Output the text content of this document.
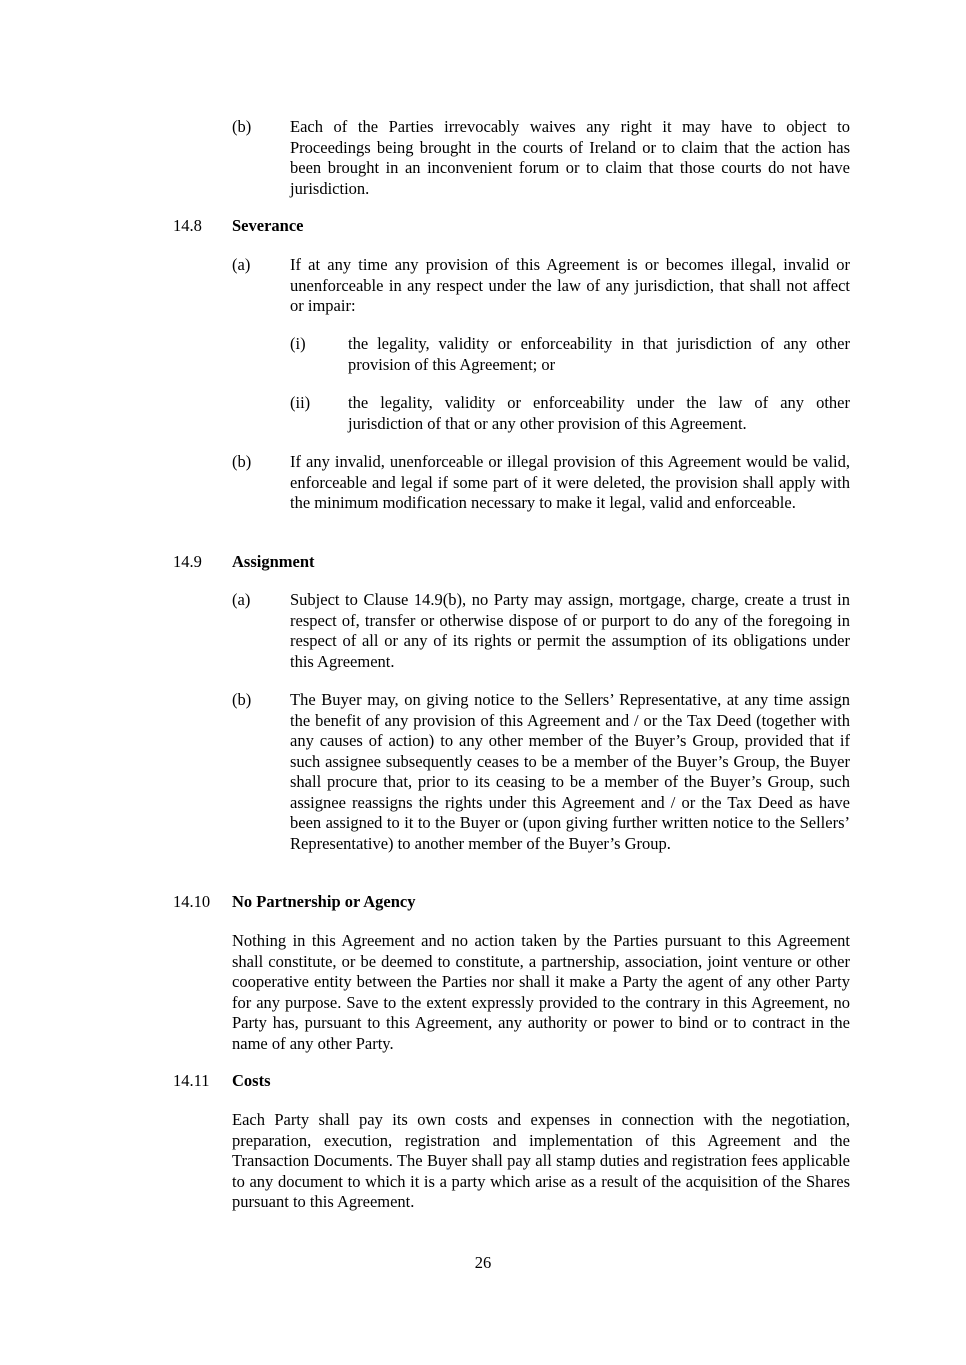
(b) Each of the Parties irrevocably waives any right it may have to object to Proceedings being brought in the courts of Ireland or to claim that the action has been brought in an inconvenient forum or to claim that those courts do not have jurisdiction.
14.8 Severance
(a) If at any time any provision of this Agreement is or becomes illegal, invalid or unenforceable in any respect under the law of any jurisdiction, that shall not affect or impair:
(i)	the legality, validity or enforceability in that jurisdiction of any other provision of this Agreement; or
(ii) the legality, validity or enforceability under the law of any other jurisdiction of that or any other provision of this Agreement.
(b) If any invalid, unenforceable or illegal provision of this Agreement would be valid, enforceable and legal if some part of it were deleted, the provision shall apply with the minimum modification necessary to make it legal, valid and enforceable.
14.9 Assignment
(a) Subject to Clause 14.9(b), no Party may assign, mortgage, charge, create a trust in respect of, transfer or otherwise dispose of or purport to do any of the foregoing in respect of all or any of its rights or permit the assumption of its obligations under this Agreement.
(b) The Buyer may, on giving notice to the Sellers’ Representative, at any time assign the benefit of any provision of this Agreement and / or the Tax Deed (together with any causes of action) to any other member of the Buyer’s Group, provided that if such assignee subsequently ceases to be a member of the Buyer’s Group, the Buyer shall procure that, prior to its ceasing to be a member of the Buyer’s Group, such assignee reassigns the rights under this Agreement and / or the Tax Deed as have been assigned to it to the Buyer or (upon giving further written notice to the Sellers’ Representative) to another member of the Buyer’s Group.
14.10 No Partnership or Agency
Nothing in this Agreement and no action taken by the Parties pursuant to this Agreement shall constitute, or be deemed to constitute, a partnership, association, joint venture or other cooperative entity between the Parties nor shall it make a Party the agent of any other Party for any purpose. Save to the extent expressly provided to the contrary in this Agreement, no Party has, pursuant to this Agreement, any authority or power to bind or to contract in the name of any other Party.
14.11 Costs
Each Party shall pay its own costs and expenses in connection with the negotiation, preparation, execution, registration and implementation of this Agreement and the Transaction Documents. The Buyer shall pay all stamp duties and registration fees applicable to any document to which it is a party which arise as a result of the acquisition of the Shares pursuant to this Agreement.
26
